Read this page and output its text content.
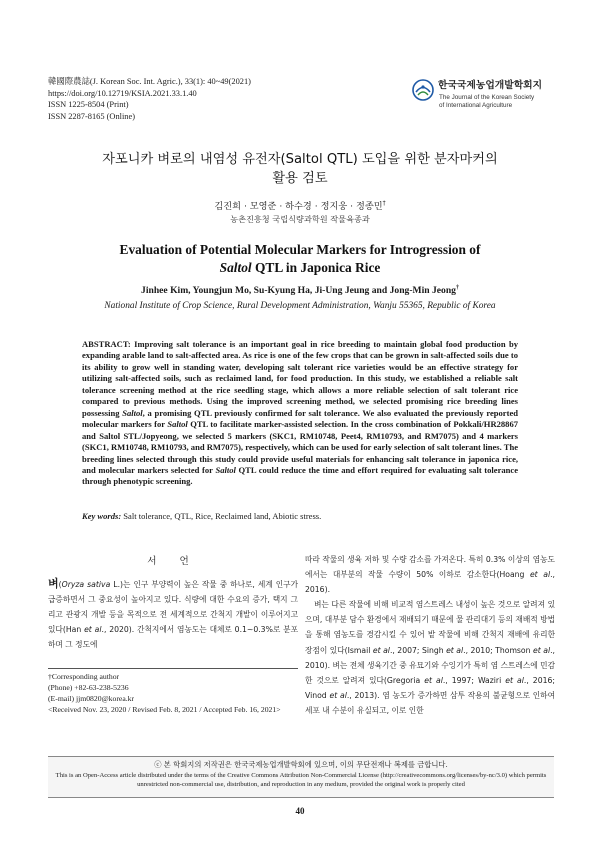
韓國際農誌(J. Korean Soc. Int. Agric.), 33(1): 40~49(2021)
https://doi.org/10.12719/KSIA.2021.33.1.40
ISSN 1225-8504 (Print)
ISSN 2287-8165 (Online)
한국국제농업개발학회지
The Journal of the Korean Society
of International Agriculture
자포니카 벼로의 내염성 유전자(Saltol QTL) 도입을 위한 분자마커의
활용 검토
김진희 · 모영준 · 하수경 · 정지웅 · 정종민†
농촌진흥청 국립식량과학원 작물육종과
Evaluation of Potential Molecular Markers for Introgression of
Saltol QTL in Japonica Rice
Jinhee Kim, Youngjun Mo, Su-Kyung Ha, Ji-Ung Jeung and Jong-Min Jeong†
National Institute of Crop Science, Rural Development Administration, Wanju 55365, Republic of Korea
ABSTRACT: Improving salt tolerance is an important goal in rice breeding to maintain global food production by expanding arable land to salt-affected area. As rice is one of the few crops that can be grown in salt-affected soils due to its ability to grow well in standing water, developing salt tolerant rice varieties would be an effective strategy for utilizing salt-affected soils, such as reclaimed land, for food production. In this study, we established a reliable salt tolerance screening method at the rice seedling stage, which allows a more reliable selection of salt tolerant rice compared to previous methods. Using the improved screening method, we selected promising rice breeding lines possessing Saltol, a promising QTL previously confirmed for salt tolerance. We also evaluated the previously reported molecular markers for Saltol QTL to facilitate marker-assisted selection. In the cross combination of Pokkali/HR28867 and Saltol STL/Jopyeong, we selected 5 markers (SKC1, RM10748, Peet4, RM10793, and RM7075) and 4 markers (SKC1, RM10748, RM10793, and RM7075), respectively, which can be used for early selection of salt tolerant lines. The breeding lines selected through this study could provide useful materials for enhancing salt tolerance in japonica rice, and molecular markers selected for Saltol QTL could reduce the time and effort required for evaluating salt tolerance through phenotypic screening.
Key words: Salt tolerance, QTL, Rice, Reclaimed land, Abiotic stress.
서 언
벼(Oryza sativa L.)는 인구 부양력이 높은 작물 중 하나로, 세계 인구가 급증하면서 그 중요성이 높아지고 있다. 식량에 대한 수요의 증가, 택지 그리고 관광지 개발 등을 목적으로 전 세계적으로 간척지 개발이 이루어지고 있다(Han et al., 2020). 간척지에서 염농도는 대체로 0.1~0.3%로 분포하며 그 정도에
따라 작물의 생육 저하 및 수량 감소를 가져온다. 특히 0.3% 이상의 염농도에서는 대부분의 작물 수량이 50% 이하로 감소한다(Hoang et al., 2016).
벼는 다른 작물에 비해 비교적 염스트레스 내성이 높은 것으로 알려져 있으며, 대부분 담수 환경에서 재배되기 때문에 물 관리대기 등의 재배적 방법을 통해 염농도를 경감시킬 수 있어 밭 작물에 비해 간척지 재배에 유리한 장점이 있다(Ismail et al., 2007; Singh et al., 2010; Thomson et al., 2010). 벼는 전체 생육기간 중 유묘기와 수잉기가 특히 염 스트레스에 민감한 것으로 알려져 있다(Gregoria et al., 1997; Waziri et al., 2016; Vinod et al., 2013). 염 농도가 증가하면 삼투 작용의 불균형으로 인하여 세포 내 수분이 유실되고, 이로 인한
†Corresponding author
(Phone) +82-63-238-5236
(E-mail) jjm0820@korea.kr
<Received Nov. 23, 2020 / Revised Feb. 8, 2021 / Accepted Feb. 16, 2021>
ⓒ 본 학회지의 저작권은 한국국제농업개발학회에 있으며, 이의 무단전재나 복제를 금합니다.
This is an Open-Access article distributed under the terms of the Creative Commons Attribution Non-Commercial License (http://creativecommons.org/licenses/by-nc/3.0) which permits unrestricted non-commercial use, distribution, and reproduction in any medium, provided the original work is properly cited
40
